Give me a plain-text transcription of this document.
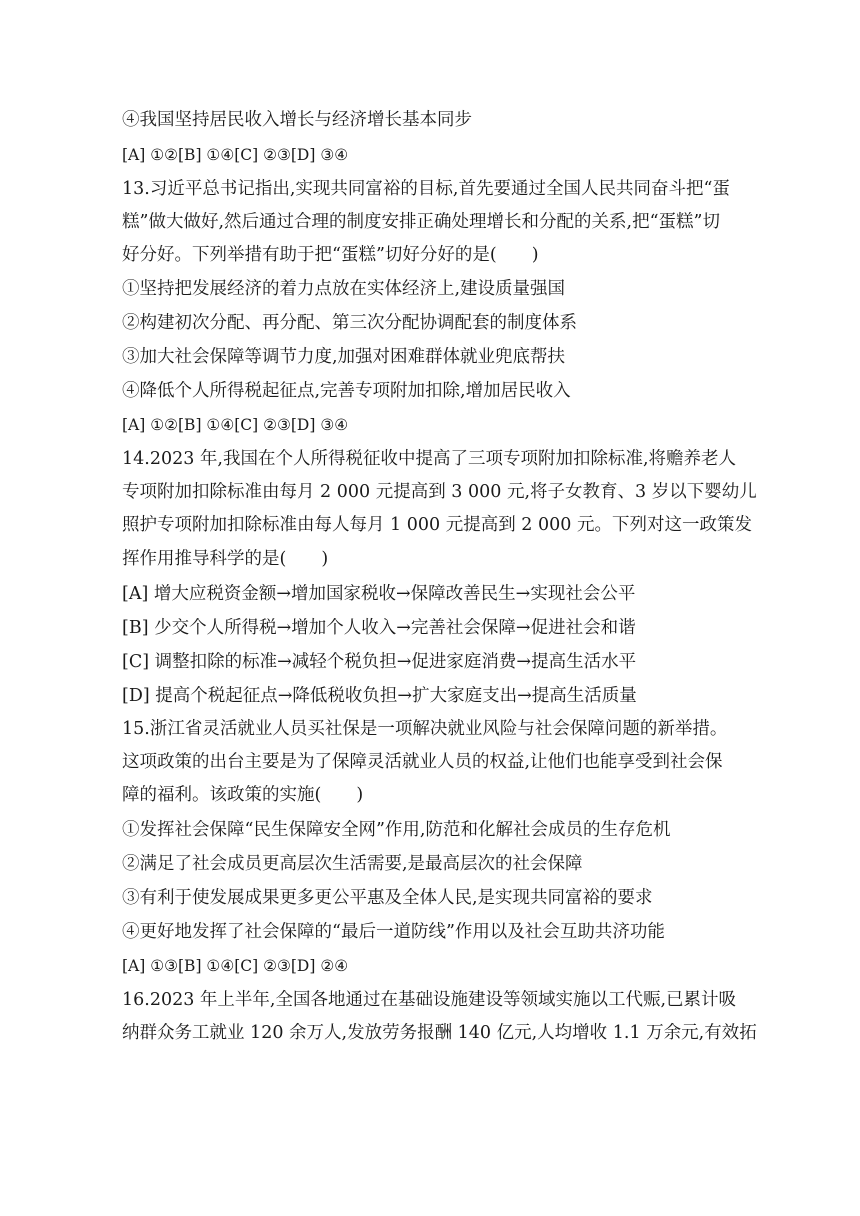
④我国坚持居民收入增长与经济增长基本同步
[A] ①②[B] ①④[C] ②③[D] ③④
13.习近平总书记指出,实现共同富裕的目标,首先要通过全国人民共同奋斗把“蛋
糕”做大做好,然后通过合理的制度安排正确处理增长和分配的关系,把“蛋糕”切
好分好。下列举措有助于把“蛋糕”切好分好的是(　　)
①坚持把发展经济的着力点放在实体经济上,建设质量强国
②构建初次分配、再分配、第三次分配协调配套的制度体系
③加大社会保障等调节力度,加强对困难群体就业兜底帮扶
④降低个人所得税起征点,完善专项附加扣除,增加居民收入
[A] ①②[B] ①④[C] ②③[D] ③④
14.2023 年,我国在个人所得税征收中提高了三项专项附加扣除标准,将赡养老人
专项附加扣除标准由每月 2 000 元提高到 3 000 元,将子女教育、3 岁以下婴幼儿
照护专项附加扣除标准由每人每月 1 000 元提高到 2 000 元。下列对这一政策发
挥作用推导科学的是(　　)
[A] 增大应税资金额→增加国家税收→保障改善民生→实现社会公平
[B] 少交个人所得税→增加个人收入→完善社会保障→促进社会和谐
[C] 调整扣除的标准→减轻个税负担→促进家庭消费→提高生活水平
[D] 提高个税起征点→降低税收负担→扩大家庭支出→提高生活质量
15.浙江省灵活就业人员买社保是一项解决就业风险与社会保障问题的新举措。
这项政策的出台主要是为了保障灵活就业人员的权益,让他们也能享受到社会保
障的福利。该政策的实施(　　)
①发挥社会保障“民生保障安全网”作用,防范和化解社会成员的生存危机
②满足了社会成员更高层次生活需要,是最高层次的社会保障
③有利于使发展成果更多更公平惠及全体人民,是实现共同富裕的要求
④更好地发挥了社会保障的“最后一道防线”作用以及社会互助共济功能
[A] ①③[B] ①④[C] ②③[D] ②④
16.2023 年上半年,全国各地通过在基础设施建设等领域实施以工代赈,已累计吸
纳群众务工就业 120 余万人,发放劳务报酬 140 亿元,人均增收 1.1 万余元,有效拓
